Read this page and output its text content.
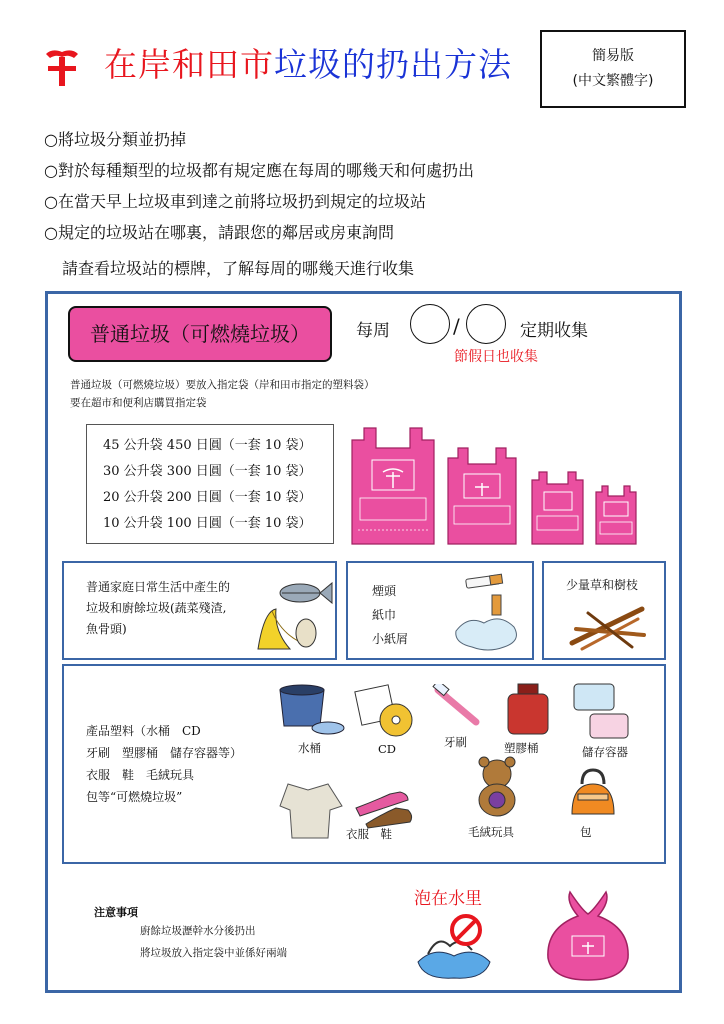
在岸和田市垃圾的扔出方法	簡易版
(中文繁體字)
○將垃圾分類並扔掉
○對於每種類型的垃圾都有規定應在每周的哪幾天和何處扔出
○在當天早上垃圾車到達之前將垃圾扔到規定的垃圾站
○規定的垃圾站在哪裏，請跟您的鄰居或房東詢問
請查看垃圾站的標牌，了解每周的哪幾天進行收集
普通垃圾（可燃燒垃圾）	每周	/	定期收集
節假日也收集
普通垃圾（可燃燒垃圾）要放入指定袋（岸和田市指定的塑料袋）
要在超市和便利店購買指定袋
45 公升袋 450 日圓（一套 10 袋）
30 公升袋 300 日圓（一套 10 袋）
20 公升袋 200 日圓（一套 10 袋）
10 公升袋 100 日圓（一套 10 袋）
普通家庭日常生活中產生的
垃圾和廚餘垃圾(蔬菜殘渣,
魚骨頭)
煙頭
紙巾
小紙屑
少量草和樹枝
產品塑料（水桶　CD
牙刷　塑膠桶　儲存容器等）
衣服　鞋　毛絨玩具
包等“可燃燒垃圾”
水桶	CD	牙刷	塑膠桶	儲存容器
衣服　鞋	毛絨玩具	包
注意事項
廚餘垃圾瀝幹水分後扔出
將垃圾放入指定袋中並係好兩端
泡在水里
